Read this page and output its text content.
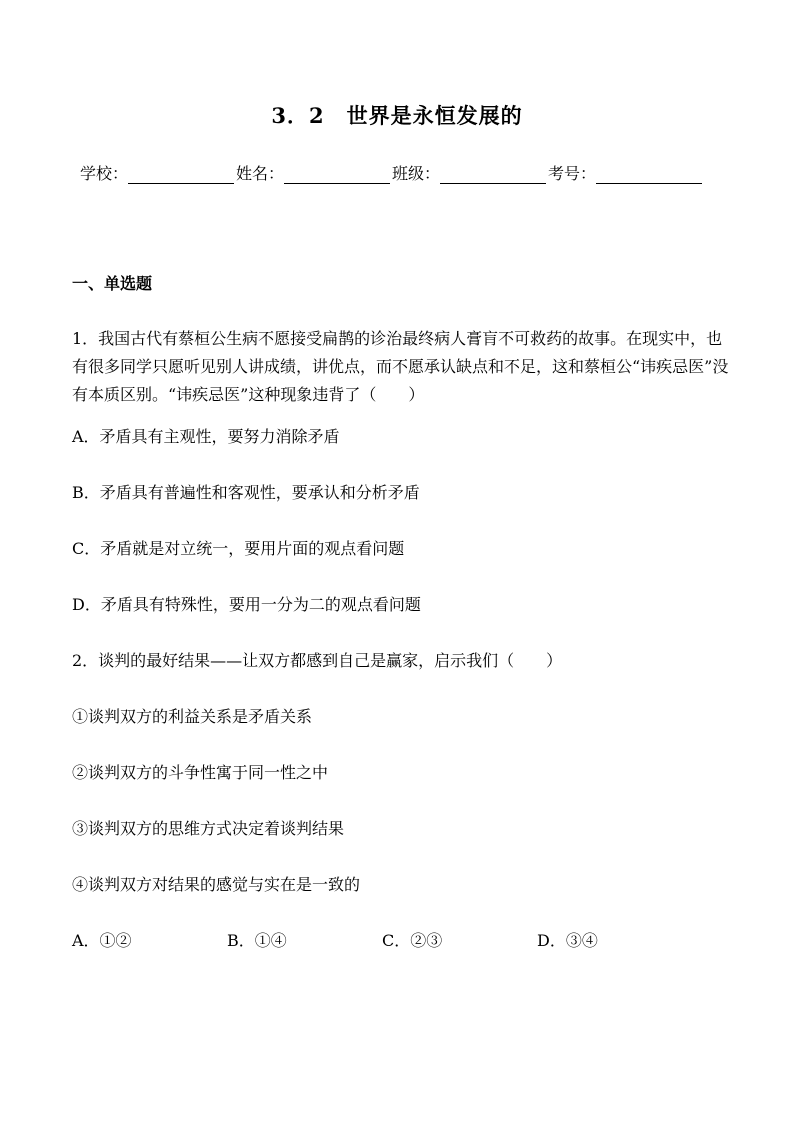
3．2　世界是永恒发展的
学校：	姓名：	班级：	考号：
一、单选题

1．我国古代有蔡桓公生病不愿接受扁鹊的诊治最终病人膏肓不可救药的故事。在现实中，也有很多同学只愿听见别人讲成绩，讲优点，而不愿承认缺点和不足，这和蔡桓公“讳疾忌医”没有本质区别。“讳疾忌医”这种现象违背了（　　）

A．矛盾具有主观性，要努力消除矛盾

B．矛盾具有普遍性和客观性，要承认和分析矛盾

C．矛盾就是对立统一，要用片面的观点看问题

D．矛盾具有特殊性，要用一分为二的观点看问题

2．谈判的最好结果——让双方都感到自己是赢家，启示我们（　　）

①谈判双方的利益关系是矛盾关系

②谈判双方的斗争性寓于同一性之中

③谈判双方的思维方式决定着谈判结果

④谈判双方对结果的感觉与实在是一致的

A．①②	B．①④	C．②③	D．③④
